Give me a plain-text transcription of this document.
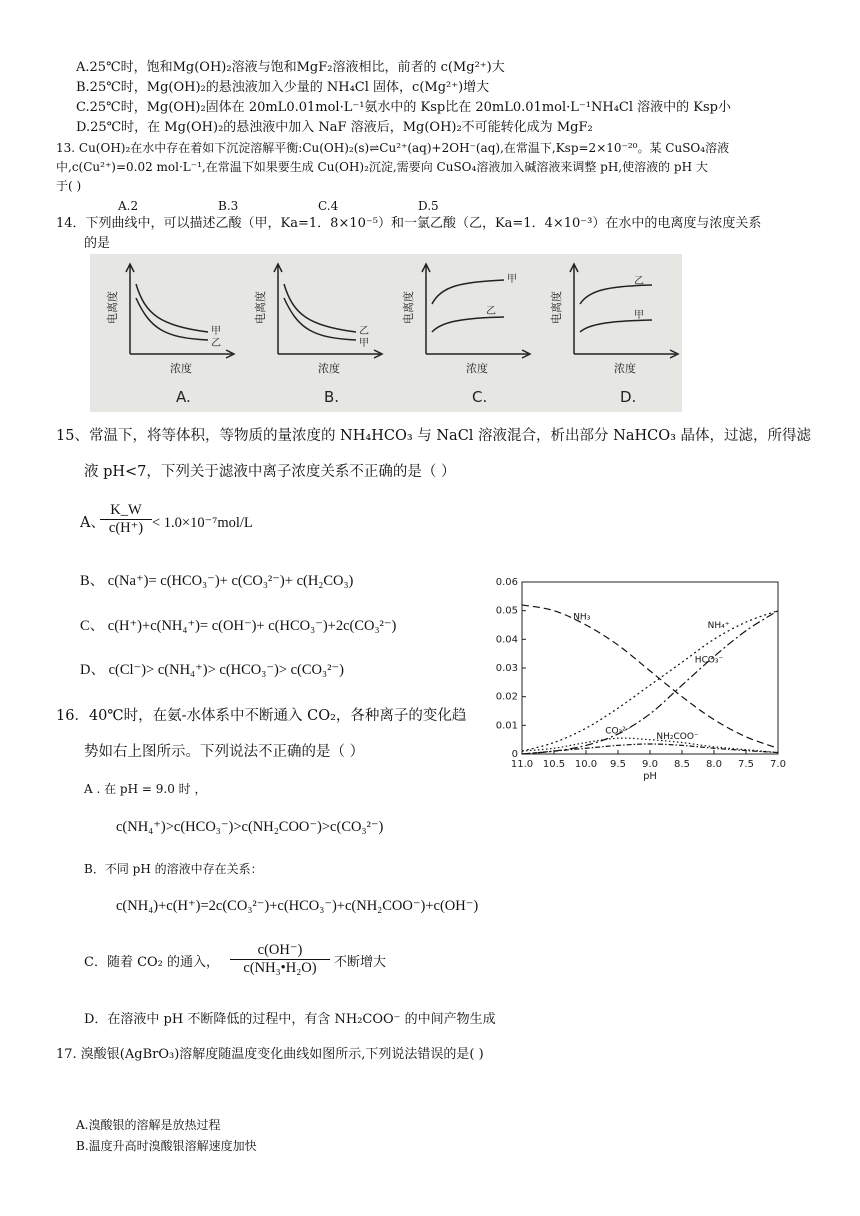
A.25℃时，饱和Mg(OH)₂溶液与饱和MgF₂溶液相比，前者的 c(Mg²⁺)大
B.25℃时，Mg(OH)₂的悬浊液加入少量的 NH₄Cl 固体，c(Mg²⁺)增大
C.25℃时，Mg(OH)₂固体在 20mL0.01mol·L⁻¹氨水中的 Ksp比在 20mL0.01mol·L⁻¹NH₄Cl 溶液中的 Ksp小
D.25℃时，在 Mg(OH)₂的悬浊液中加入 NaF 溶液后，Mg(OH)₂不可能转化成为 MgF₂
13. Cu(OH)₂在水中存在着如下沉淀溶解平衡:Cu(OH)₂(s)⇌Cu²⁺(aq)+2OH⁻(aq),在常温下,Ksp=2×10⁻²⁰。某 CuSO₄溶液
中,c(Cu²⁺)=0.02 mol·L⁻¹,在常温下如果要生成 Cu(OH)₂沉淀,需要向 CuSO₄溶液加入碱溶液来调整 pH,使溶液的 pH 大
于( )
A.2	B.3	C.4	D.5
14．下列曲线中，可以描述乙酸（甲，Ka=1．8×10⁻⁵）和一氯乙酸（乙，Ka=1．4×10⁻³）在水中的电离度与浓度关系
的是
电离度
浓度
甲
乙
A.
电离度
浓度
乙
甲
B.
电离度
浓度
甲
乙
C.
电离度
浓度
乙
甲
D.
15、常温下，将等体积，等物质的量浓度的 NH₄HCO₃ 与 NaCl 溶液混合，析出部分 NaHCO₃ 晶体，过滤，所得滤
液 pH<7，下列关于滤液中离子浓度关系不正确的是（ ）
A、
$\frac{K\_W}{c(H^+)} < 1.0\times 10^{-7}mol/L$
B、 c(Na⁺)= c(HCO₃⁻)+ c(CO₃²⁻)+ c(H₂CO₃)
C、 c(H⁺)+c(NH₄⁺)= c(OH⁻)+ c(HCO₃⁻)+2c(CO₃²⁻)
D、 c(Cl⁻)> c(NH₄⁺)> c(HCO₃⁻)> c(CO₃²⁻)
0
0.01
0.02
0.03
0.04
0.05
0.06
11.0 10.5 10.0 9.5 9.0 8.5 8.0 7.5 7.0
pH
NH₃
NH₄⁺
HCO₃⁻
CO₃²⁻
NH₂COO⁻
16．40℃时，在氨-水体系中不断通入 CO₂，各种离子的变化趋
势如右上图所示。下列说法不正确的是（ ）
A . 在 pH = 9.0 时 ，
c(NH₄⁺)>c(HCO₃⁻)>c(NH₂COO⁻)>c(CO₃²⁻)
B．不同 pH 的溶液中存在关系：
c(NH₄)+c(H⁺)=2c(CO₃²⁻)+c(HCO₃⁻)+c(NH₂COO⁻)+c(OH⁻)
C．随着 CO₂ 的通入， $\frac{c(OH^-)}{\text{c(NH₃•H₂O)}}$ 不断增大
D．在溶液中 pH 不断降低的过程中，有含 NH₂COO⁻ 的中间产物生成
17. 溴酸银(AgBrO₃)溶解度随温度变化曲线如图所示,下列说法错误的是( )
A.溴酸银的溶解是放热过程
B.温度升高时溴酸银溶解速度加快
